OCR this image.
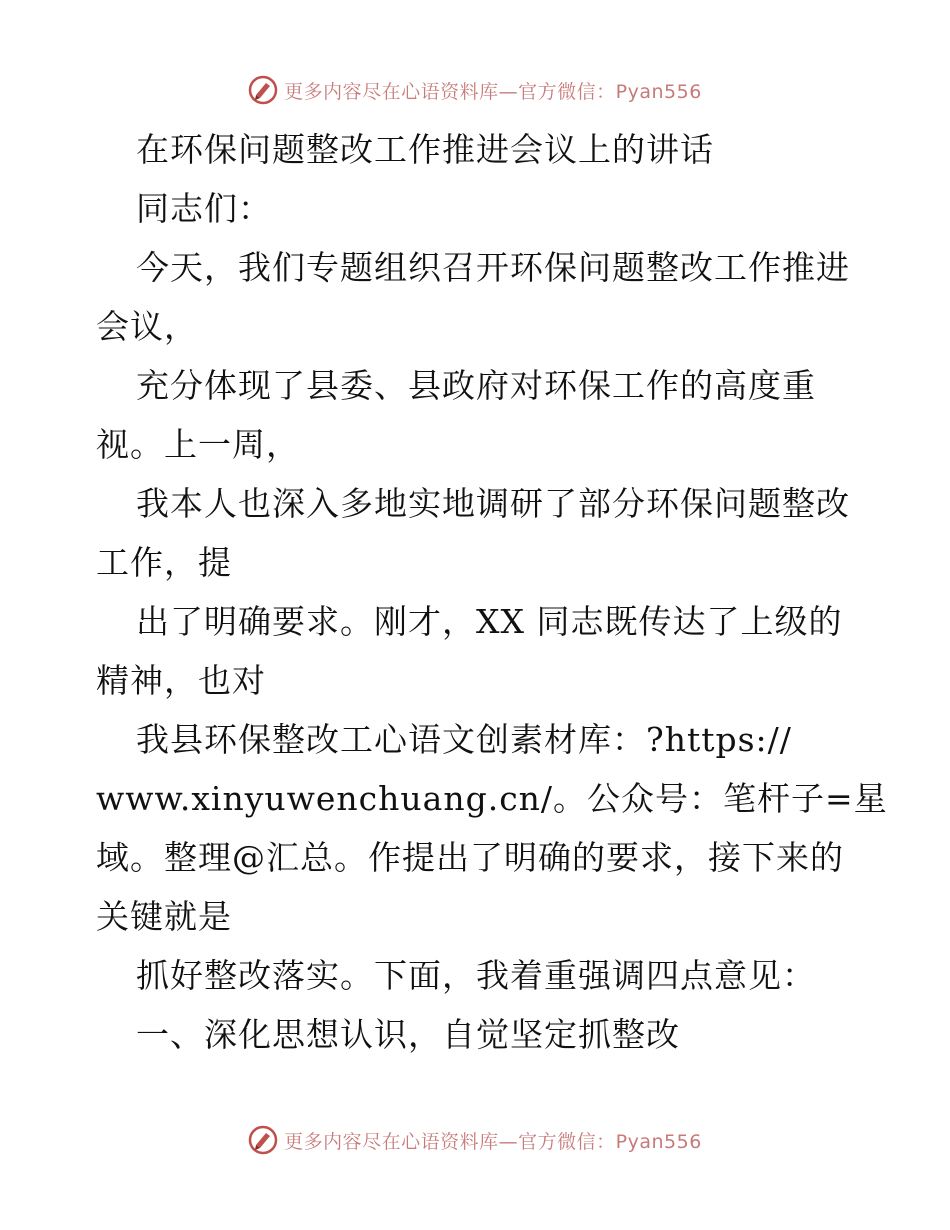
更多内容尽在心语资料库—官方微信：Pyan556
在环保问题整改工作推进会议上的讲话
同志们：
今天，我们专题组织召开环保问题整改工作推进
会议，
充分体现了县委、县政府对环保工作的高度重
视。上一周，
我本人也深入多地实地调研了部分环保问题整改
工作，提
出了明确要求。刚才，XX 同志既传达了上级的
精神，也对
我县环保整改工心语文创素材库：?https://
www.xinyuwenchuang.cn/。公众号：笔杆子=星
域。整理@汇总。作提出了明确的要求，接下来的
关键就是
抓好整改落实。下面，我着重强调四点意见：
一、深化思想认识，自觉坚定抓整改
更多内容尽在心语资料库—官方微信：Pyan556
